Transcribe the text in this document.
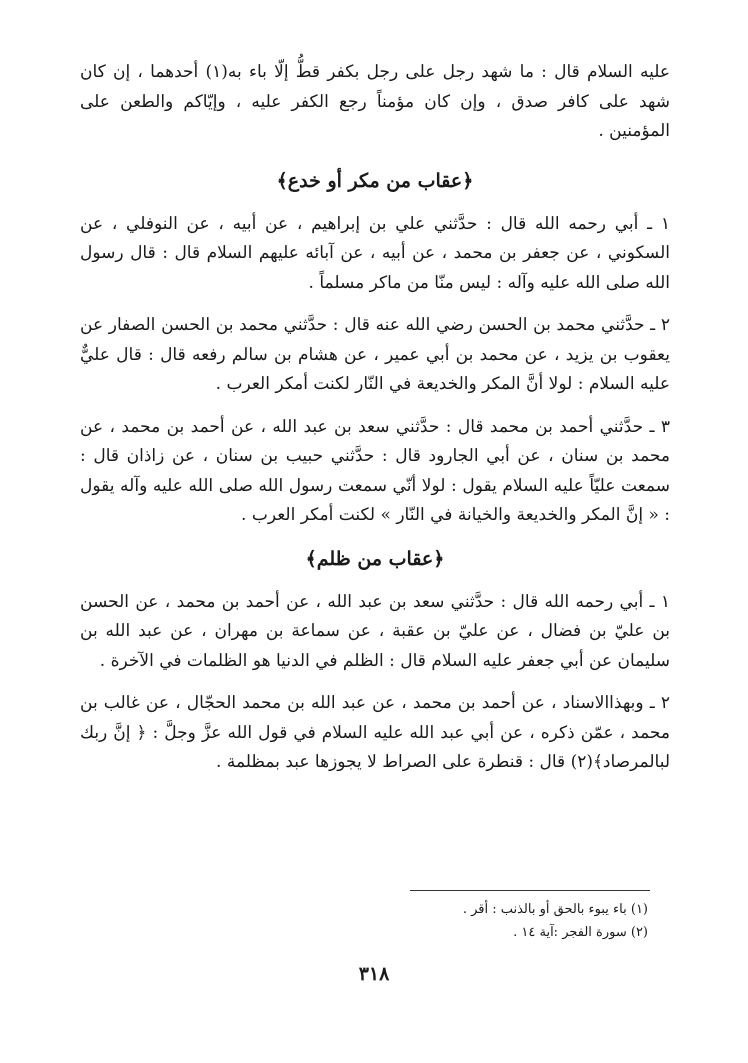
عليه السلام قال : ما شهد رجل على رجل بكفر قطُّ إلّا باء به(١) أحدهما ، إن كان شهد على كافر صدق ، وإن كان مؤمناً رجع الكفر عليه ، وإيّاكم والطعن على المؤمنين .

﴿عقاب من مكر أو خدع﴾

١ ـ أبي رحمه الله قال : حدَّثني علي بن إبراهيم ، عن أبيه ، عن النوفلي ، عن السكوني ، عن جعفر بن محمد ، عن أبيه ، عن آبائه عليهم السلام قال : قال رسول الله صلى الله عليه وآله : ليس منّا من ماكر مسلماً .

٢ ـ حدَّثني محمد بن الحسن رضي الله عنه قال : حدَّثني محمد بن الحسن الصفار عن يعقوب بن يزيد ، عن محمد بن أبي عمير ، عن هشام بن سالم رفعه قال : قال عليٌّ عليه السلام : لولا أنَّ المكر والخديعة في النّار لكنت أمكر العرب .

٣ ـ حدَّثني أحمد بن محمد قال : حدَّثني سعد بن عبد الله ، عن أحمد بن محمد ، عن محمد بن سنان ، عن أبي الجارود قال : حدَّثني حبيب بن سنان ، عن زاذان قال : سمعت عليّاً عليه السلام يقول : لولا أنّي سمعت رسول الله صلى الله عليه وآله يقول : « إنَّ المكر والخديعة والخيانة في النّار » لكنت أمكر العرب .

﴿عقاب من ظلم﴾

١ ـ أبي رحمه الله قال : حدَّثني سعد بن عبد الله ، عن أحمد بن محمد ، عن الحسن بن عليّ بن فضال ، عن عليّ بن عقبة ، عن سماعة بن مهران ، عن عبد الله بن سليمان عن أبي جعفر عليه السلام قال : الظلم في الدنيا هو الظلمات في الآخرة .

٢ ـ وبهذاالاسناد ، عن أحمد بن محمد ، عن عبد الله بن محمد الحجّال ، عن غالب بن محمد ، عمّن ذكره ، عن أبي عبد الله عليه السلام في قول الله عزَّ وجلَّ : ﴿ إنَّ ربك لبالمرصاد﴾(٢) قال : قنطرة على الصراط لا يجوزها عبد بمظلمة .

(١) باء يبوء بالحق أو بالذنب : أقر .
(٢) سورة الفجر :آية ١٤ .
٣١٨
